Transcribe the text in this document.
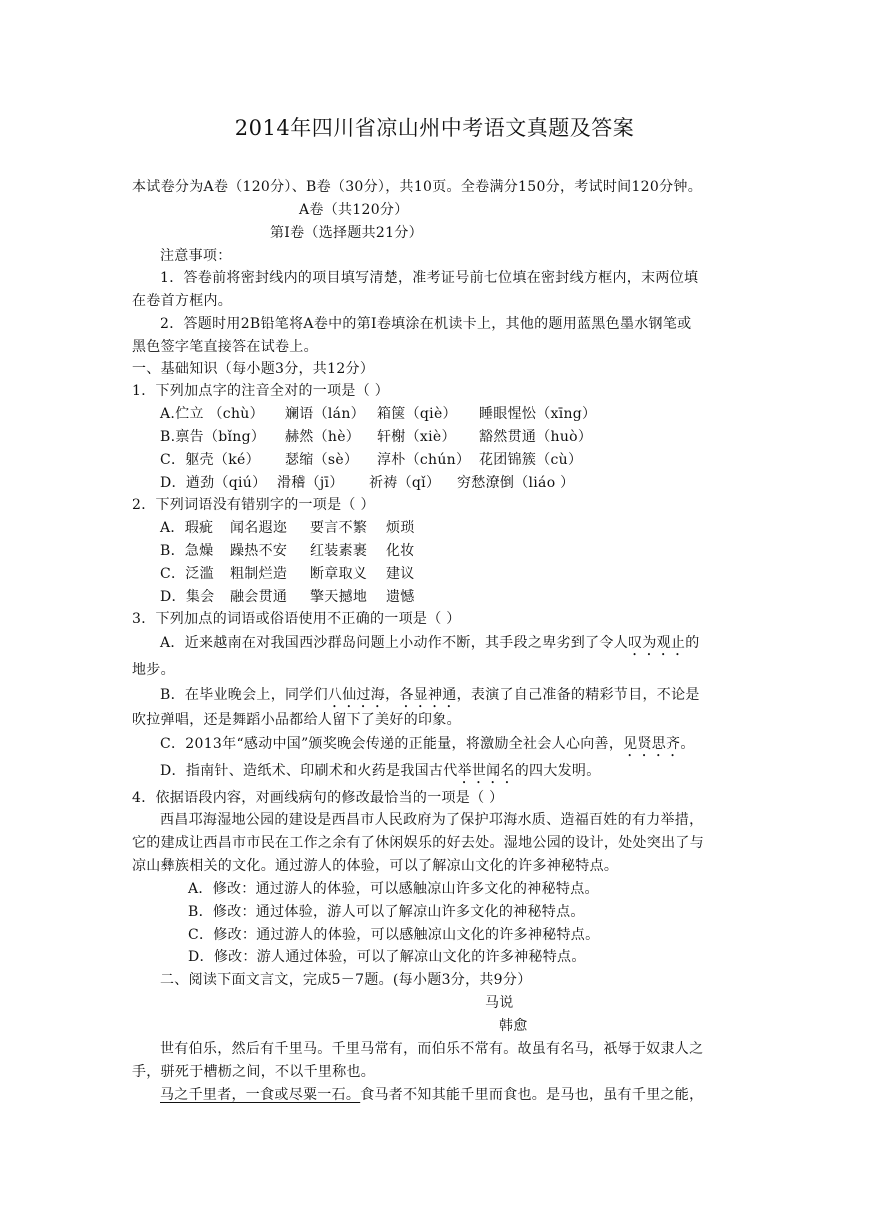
2014年四川省凉山州中考语文真题及答案
本试卷分为A卷（120分）、B卷（30分），共10页。全卷满分150分，考试时间120分钟。
A卷（共120分）
第Ⅰ卷（选择题共21分）
注意事项：
1．答卷前将密封线内的项目填写清楚，准考证号前七位填在密封线方框内，末两位填
在卷首方框内。
2．答题时用2B铅笔将A卷中的第Ⅰ卷填涂在机读卡上，其他的题用蓝黑色墨水钢笔或
黑色签字笔直接答在试卷上。
一、基础知识（每小题3分，共12分）
1．下列加点字的注音全对的一项是（ ）
A.伫立 （chù） 斓语（lán） 箱箧（qiè） 睡眼惺忪（xīng）
B.禀告（bǐng） 赫然（hè） 轩榭（xiè） 豁然贯通（huò）
C．躯壳（ké） 瑟缩（sè） 淳朴（chún） 花团锦簇（cù）
D．遒劲（qiú） 滑稽（jī） 祈祷（qǐ） 穷愁潦倒（liáo ）
2．下列词语没有错别字的一项是（ ）
A．瑕疵 闻名遐迩 要言不繁 烦琐
B．急燥 躁热不安 红装素裹 化妆
C．泛滥 粗制烂造 断章取义 建议
D．集会 融会贯通 擎天撼地 遗憾
3．下列加点的词语或俗语使用不正确的一项是（ ）
A．近来越南在对我国西沙群岛问题上小动作不断，其手段之卑劣到了令人叹为观止的
地步。
B．在毕业晚会上，同学们八仙过海，各显神通，表演了自己准备的精彩节目，不论是
吹拉弹唱，还是舞蹈小品都给人留下了美好的印象。
C．2013年“感动中国”颁奖晚会传递的正能量，将激励全社会人心向善，见贤思齐。
D．指南针、造纸术、印刷术和火药是我国古代举世闻名的四大发明。
4．依据语段内容，对画线病句的修改最恰当的一项是（ ）
西昌邛海湿地公园的建设是西昌市人民政府为了保护邛海水质、造福百姓的有力举措，
它的建成让西昌市市民在工作之余有了休闲娱乐的好去处。湿地公园的设计，处处突出了与
凉山彝族相关的文化。通过游人的体验，可以了解凉山文化的许多神秘特点。
A．修改：通过游人的体验，可以感触凉山许多文化的神秘特点。
B．修改：通过体验，游人可以了解凉山许多文化的神秘特点。
C．修改：通过游人的体验，可以感触凉山文化的许多神秘特点。
D．修改：游人通过体验，可以了解凉山文化的许多神秘特点。
二、阅读下面文言文，完成5－7题。(每小题3分，共9分）
马说
韩愈
世有伯乐，然后有千里马。千里马常有，而伯乐不常有。故虽有名马，祇辱于奴隶人之
手，骈死于槽枥之间，不以千里称也。
马之千里者，一食或尽粟一石。食马者不知其能千里而食也。是马也，虽有千里之能，
